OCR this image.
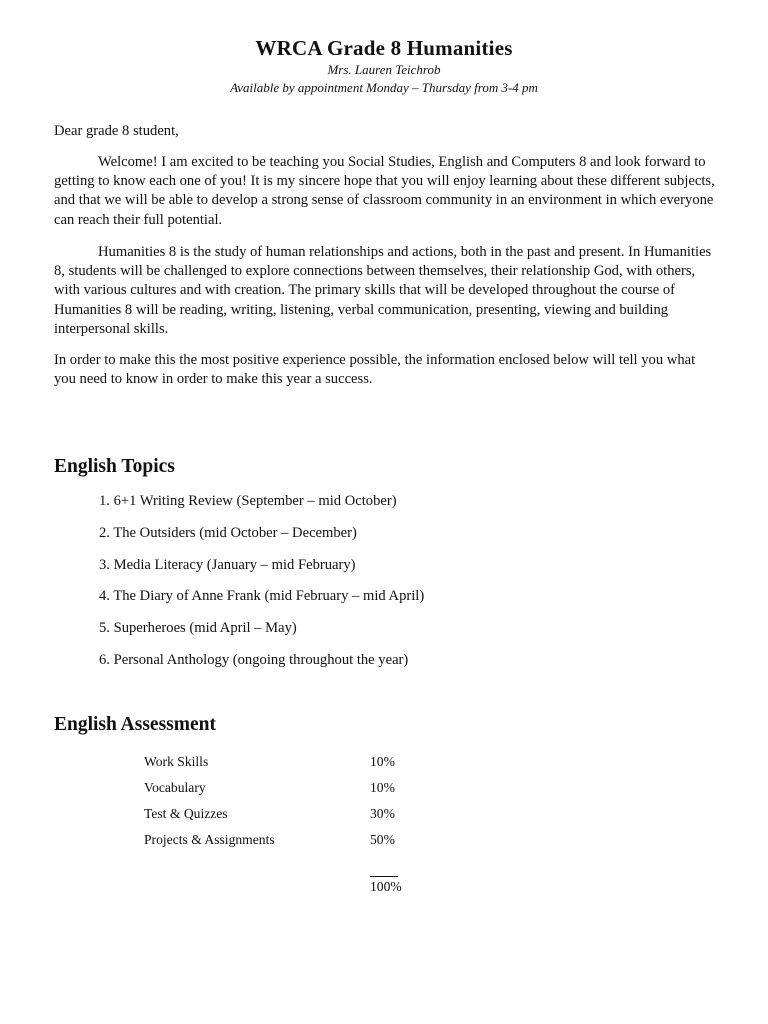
WRCA Grade 8 Humanities
Mrs. Lauren Teichrob
Available by appointment Monday – Thursday from 3-4 pm
Dear grade 8 student,
Welcome! I am excited to be teaching you Social Studies, English and Computers 8 and look forward to getting to know each one of you! It is my sincere hope that you will enjoy learning about these different subjects, and that we will be able to develop a strong sense of classroom community in an environment in which everyone can reach their full potential.
Humanities 8 is the study of human relationships and actions, both in the past and present. In Humanities 8, students will be challenged to explore connections between themselves, their relationship God, with others, with various cultures and with creation. The primary skills that will be developed throughout the course of Humanities 8 will be reading, writing, listening, verbal communication, presenting, viewing and building interpersonal skills.
In order to make this the most positive experience possible, the information enclosed below will tell you what you need to know in order to make this year a success.
English Topics
1. 6+1 Writing Review (September – mid October)
2. The Outsiders (mid October – December)
3. Media Literacy (January – mid February)
4. The Diary of Anne Frank (mid February – mid April)
5. Superheroes (mid April – May)
6. Personal Anthology (ongoing throughout the year)
English Assessment
Work Skills	10%
Vocabulary	10%
Test & Quizzes	30%
Projects & Assignments	50%
100%
